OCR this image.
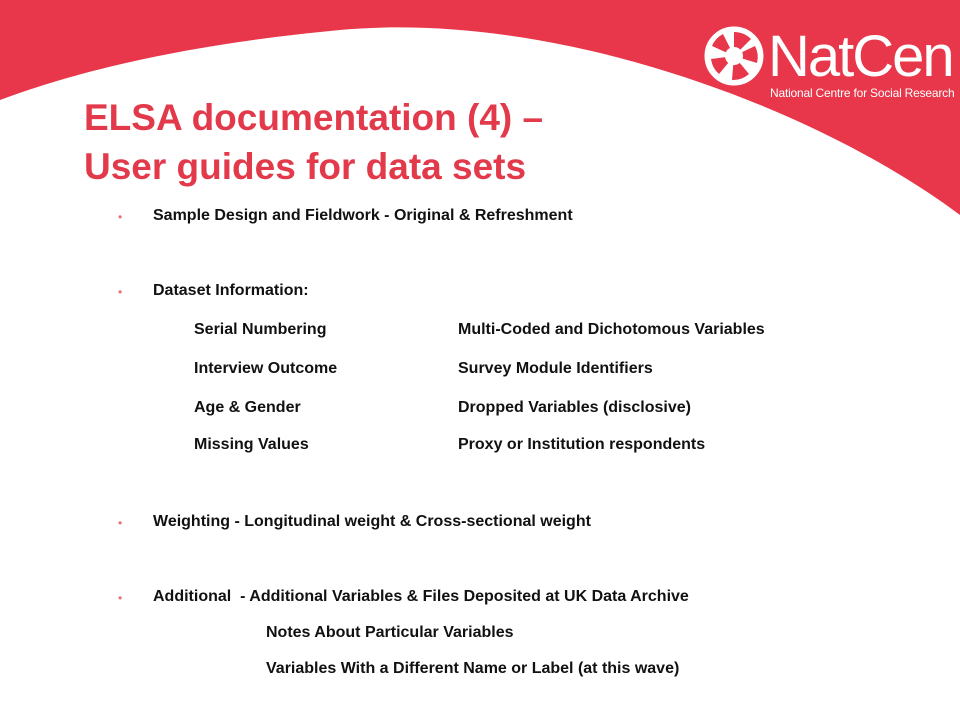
NatCen
National Centre for Social Research
ELSA documentation (4) –
User guides for data sets
• Sample Design and Fieldwork - Original & Refreshment
• Dataset Information:
Serial Numbering	Multi-Coded and Dichotomous Variables
Interview Outcome	Survey Module Identifiers
Age & Gender	Dropped Variables (disclosive)
Missing Values	Proxy or Institution respondents
• Weighting - Longitudinal weight & Cross-sectional weight
• Additional  - Additional Variables & Files Deposited at UK Data Archive
Notes About Particular Variables
Variables With a Different Name or Label (at this wave)
